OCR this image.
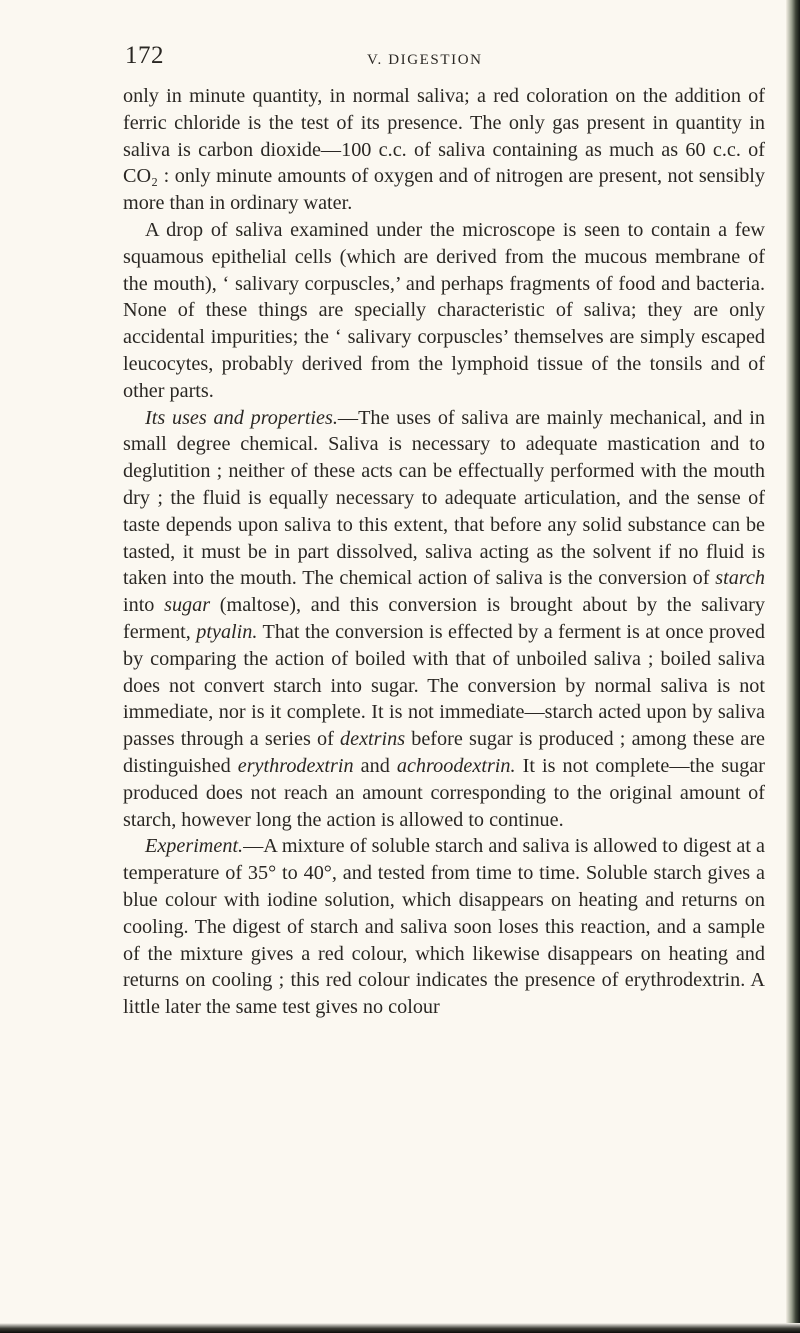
172	V. DIGESTION

only in minute quantity, in normal saliva; a red coloration on the addition of ferric chloride is the test of its presence. The only gas present in quantity in saliva is carbon dioxide—100 c.c. of saliva containing as much as 60 c.c. of CO₂ : only minute amounts of oxygen and of nitrogen are present, not sensibly more than in ordinary water.

A drop of saliva examined under the microscope is seen to contain a few squamous epithelial cells (which are derived from the mucous membrane of the mouth), ‘ salivary corpuscles,’ and perhaps fragments of food and bacteria. None of these things are specially characteristic of saliva; they are only accidental impurities; the ‘ salivary corpuscles’ themselves are simply escaped leucocytes, probably derived from the lymphoid tissue of the tonsils and of other parts.

Its uses and properties.—The uses of saliva are mainly mechanical, and in small degree chemical. Saliva is necessary to adequate mastication and to deglutition ; neither of these acts can be effectually performed with the mouth dry ; the fluid is equally necessary to adequate articulation, and the sense of taste depends upon saliva to this extent, that before any solid substance can be tasted, it must be in part dissolved, saliva acting as the solvent if no fluid is taken into the mouth. The chemical action of saliva is the conversion of starch into sugar (maltose), and this conversion is brought about by the salivary ferment, ptyalin. That the conversion is effected by a ferment is at once proved by comparing the action of boiled with that of unboiled saliva ; boiled saliva does not convert starch into sugar. The conversion by normal saliva is not immediate, nor is it complete. It is not immediate—starch acted upon by saliva passes through a series of dextrins before sugar is produced ; among these are distinguished erythrodextrin and achroodextrin. It is not complete—the sugar produced does not reach an amount corresponding to the original amount of starch, however long the action is allowed to continue.

Experiment.—A mixture of soluble starch and saliva is allowed to digest at a temperature of 35° to 40°, and tested from time to time. Soluble starch gives a blue colour with iodine solution, which disappears on heating and returns on cooling. The digest of starch and saliva soon loses this reaction, and a sample of the mixture gives a red colour, which likewise disappears on heating and returns on cooling ; this red colour indicates the presence of erythrodextrin. A little later the same test gives no colour
